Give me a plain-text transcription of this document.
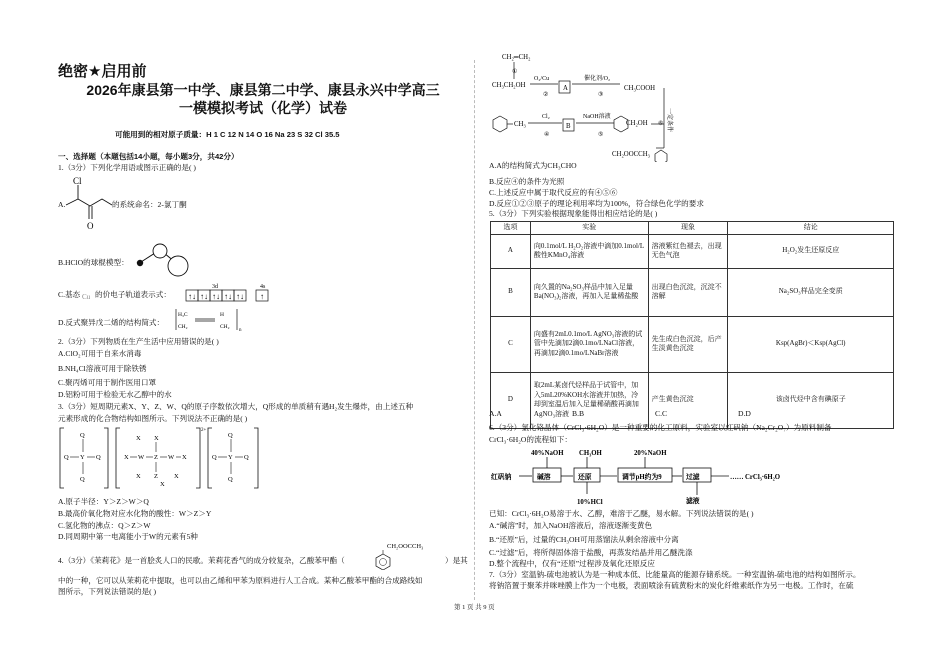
绝密★启用前
2026年康县第一中学、康县第二中学、康县永兴中学高三
一模模拟考试（化学）试卷
可能用到的相对原子质量：H 1 C 12 N 14 O 16 Na 23 S 32 Cl 35.5
一、选择题（本题包括14小题，每小题3分，共42分）
1.（3分）下列化学用语或图示正确的是( )
A.
Cl
O
的系统命名：2-氯丁酮
B.HClO的球棍模型：
C.基态 Cu 的价电子轨道表示式：
3d	4s
↑↓ ↑↓ ↑↓ ↑↓ ↑↓ ↑
D.反式聚异戊二烯的结构简式：
H₃C	H
CH₂	CH₂
n
2.（3分）下列物质在生产生活中应用错误的是( )
A.ClO₂可用于自来水消毒
B.NH₄Cl溶液可用于除铁锈
C.聚丙烯可用于制作医用口罩
D.铝粉可用于检验无水乙醇中的水
3.（3分）短周期元素X、Y、Z、W、Q的原子序数依次增大，Q形成的单质稍有遇H₂发生爆炸，由上述五种
元素形成的化合物结构如图所示。下列说法不正确的是( )
Q
Y
Q	Q
Q
Q
Y
Q	Q
Q
X
X W Z W X
X
X
Z X
X
2+
A.原子半径：Y＞Z＞W＞Q
B.最高价氧化物对应水化物的酸性：W＞Z＞Y
C.氢化物的沸点：Q＞Z＞W
D.同周期中第一电离能小于W的元素有5种
4.（3分）《茉莉花》是一首脍炙人口的民歌。茉莉花香气的成分较复杂，乙酸苯甲酯（
CH₂OOCCH₃
）是其
中的一种，它可以从茉莉花中提取，也可以由乙烯和甲苯为原料进行人工合成。某种乙酸苯甲酯的合成路线如
图所示，下列说法错误的是( )
CH₂═CH₂
CH₃CH₂OH
O₂/Cu
A
催化剂/O₂
CH₃COOH
CH₃
Cl₂
B
NaOH溶液
CH₂OH
CH₂OOCCH₃
①
②	③
④	⑤
⑥ 一定条件
A.A的结构简式为CH₃CHO
B.反应④的条件为光照
C.上述反应中属于取代反应的有④⑤⑥
D.反应①②③原子的理论利用率均为100%，符合绿色化学的要求
5.（3分）下列实验根据现象能得出相应结论的是( )
选项	实验	现象	结论
A	向0.1mol/L H₂O₂溶液中滴加0.1mol/L酸性KMnO₄溶液	溶液紫红色褪去，出现无色气泡	H₂O₂发生还原反应
B	向久置的Na₂SO₃样品中加入足量Ba(NO₃)₂溶液，再加入足量稀盐酸	出现白色沉淀，沉淀不溶解	Na₂SO₃样品完全变质
C	向盛有2mL0.1mo/L AgNO₃溶液的试管中先滴加2滴0.1mo/LNaCl溶液，再滴加2滴0.1mo/LNaBr溶液	先生成白色沉淀，后产生淡黄色沉淀	Ksp(AgBr)＜Ksp(AgCl)
D	取2mL某卤代烃样品于试管中，加入5mL20%KOH水溶液并加热，冷却到室温后加入足量稀硝酸再滴加AgNO₃溶液	产生黄色沉淀	该卤代烃中含有碘原子
A.A	B.B	C.C	D.D
6.（3分）氯化铬晶体（CrCl₃·6H₂O）是一种重要的化工原料，实验室以红矾钠（Na₂Cr₂O₇）为原料制备
CrCl₃·6H₂O的流程如下：
40%NaOH CH₃OH	20%NaOH
红矾钠	碱溶	还原	调节pH约为9	过滤	…… CrCl₃·6H₂O
10%HCl	滤液
已知：CrCl₃·6H₂O易溶于水、乙醇，难溶于乙醚，易水解。下列说法错误的是( )
A.“碱溶”时，加入NaOH溶液后，溶液逐渐变黄色
B.“还原”后，过量的CH₃OH可用蒸馏法从剩余溶液中分离
C.“过滤”后，将所得固体溶于盐酸，再蒸发结晶并用乙醚洗涤
D.整个流程中，仅有“还原”过程涉及氧化还原反应
7.（3分）室温钠-硫电池被认为是一种成本低、比能量高的能源存储系统。一种室温钠-硫电池的结构如图所示。
将钠箔置于聚苯并咪唑膜上作为一个电极，表面喷涂有硫黄粉末的炭化纤维素纸作为另一电极。工作时，在硫
第 1 页 共 9 页
